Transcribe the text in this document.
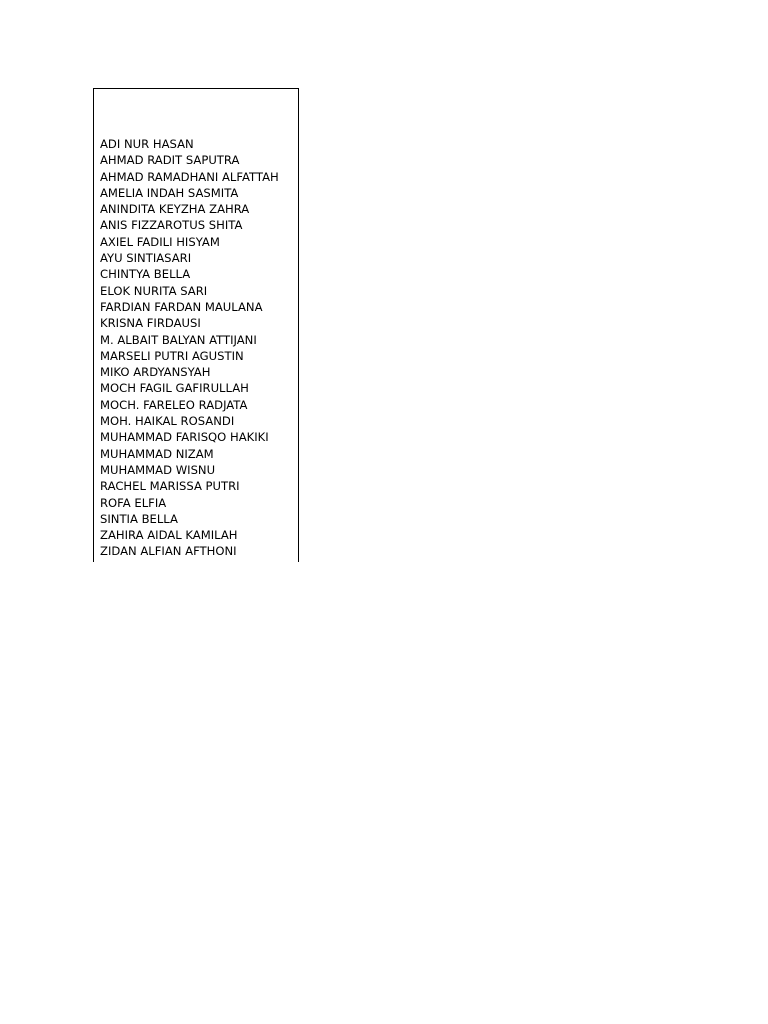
ADI NUR HASAN
AHMAD RADIT SAPUTRA
AHMAD RAMADHANI ALFATTAH
AMELIA INDAH SASMITA
ANINDITA KEYZHA ZAHRA
ANIS FIZZAROTUS SHITA
AXIEL FADILI HISYAM
AYU SINTIASARI
CHINTYA BELLA
ELOK NURITA SARI
FARDIAN FARDAN MAULANA
KRISNA FIRDAUSI
M. ALBAIT BALYAN ATTIJANI
MARSELI PUTRI AGUSTIN
MIKO ARDYANSYAH
MOCH FAGIL GAFIRULLAH
MOCH. FARELEO RADJATA
MOH. HAIKAL ROSANDI
MUHAMMAD FARISQO HAKIKI
MUHAMMAD NIZAM
MUHAMMAD WISNU
RACHEL MARISSA PUTRI
ROFA ELFIA
SINTIA BELLA
ZAHIRA AIDAL KAMILAH
ZIDAN ALFIAN AFTHONI
